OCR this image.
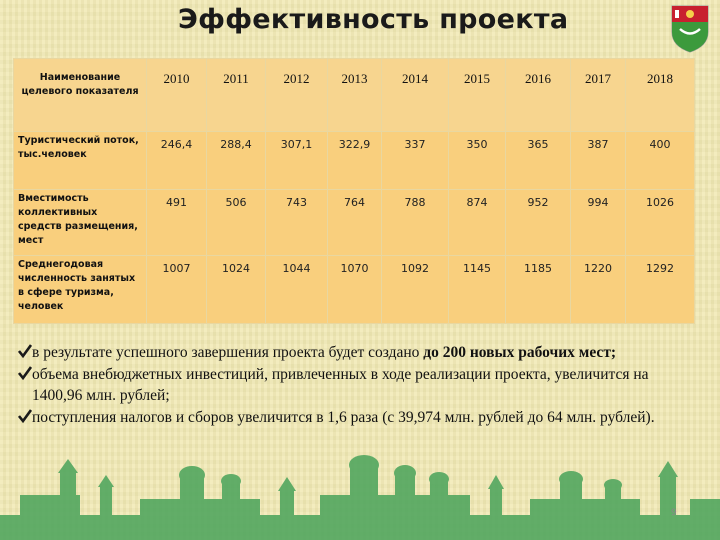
Эффективность проекта
Наименование целевого показателя	2010	2011	2012	2013	2014	2015	2016	2017	2018
Туристический поток, тыс.человек	246,4	288,4	307,1	322,9	337	350	365	387	400
Вместимость коллективных средств размещения, мест	491	506	743	764	788	874	952	994	1026
Среднегодовая численность занятых в сфере туризма, человек	1007	1024	1044	1070	1092	1145	1185	1220	1292
в результате успешного завершения проекта будет создано до 200 новых рабочих мест;
объема внебюджетных инвестиций, привлеченных в ходе реализации проекта, увеличится на 1400,96 млн. рублей;
поступления налогов и сборов увеличится в 1,6 раза (с 39,974 млн. рублей до 64 млн. рублей).
9
